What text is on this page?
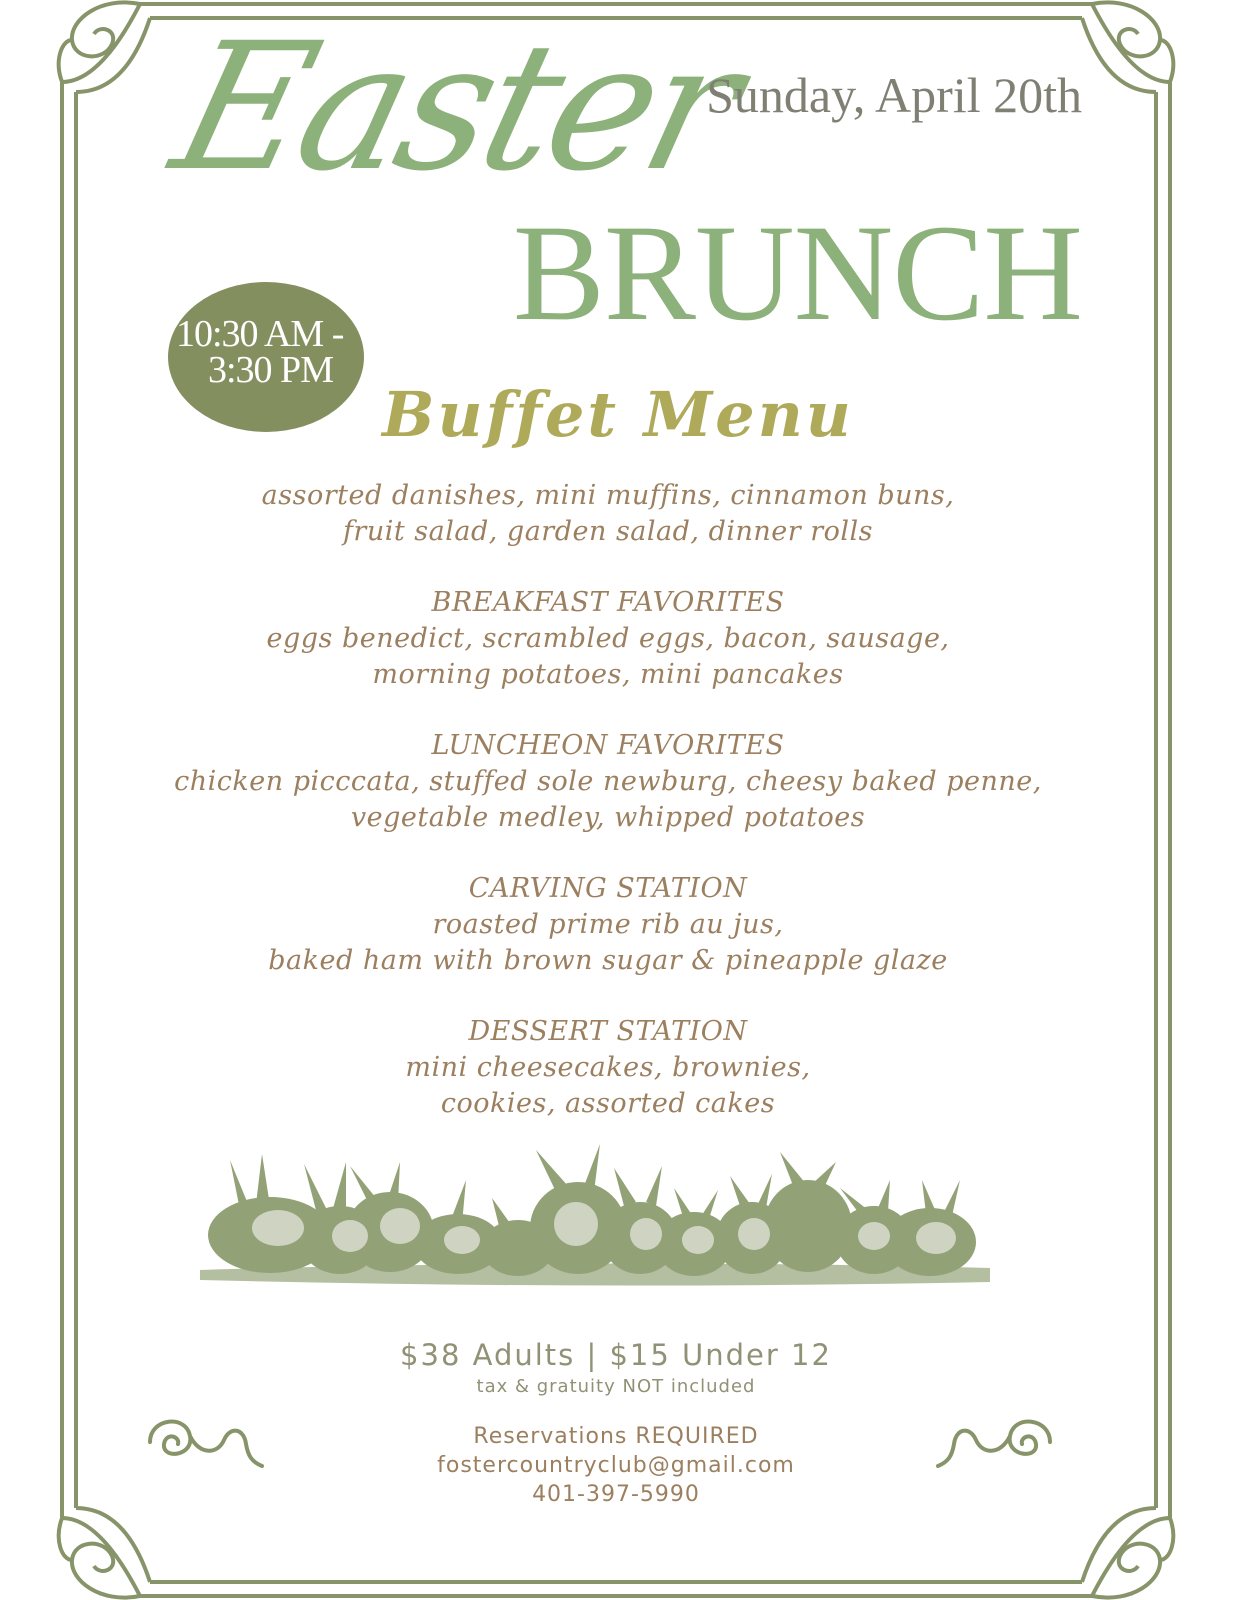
Easter
Sunday, April 20th
BRUNCH
10:30 AM -
3:30 PM
Buffet Menu
assorted danishes, mini muffins, cinnamon buns,
fruit salad, garden salad, dinner rolls
BREAKFAST FAVORITES
eggs benedict, scrambled eggs, bacon, sausage,
morning potatoes, mini pancakes
LUNCHEON FAVORITES
chicken picccata, stuffed sole newburg, cheesy baked penne,
vegetable medley, whipped potatoes
CARVING STATION
roasted prime rib au jus,
baked ham with brown sugar & pineapple glaze
DESSERT STATION
mini cheesecakes, brownies,
cookies, assorted cakes
$38 Adults | $15 Under 12
tax & gratuity NOT included
Reservations REQUIRED
fostercountryclub@gmail.com
401-397-5990
